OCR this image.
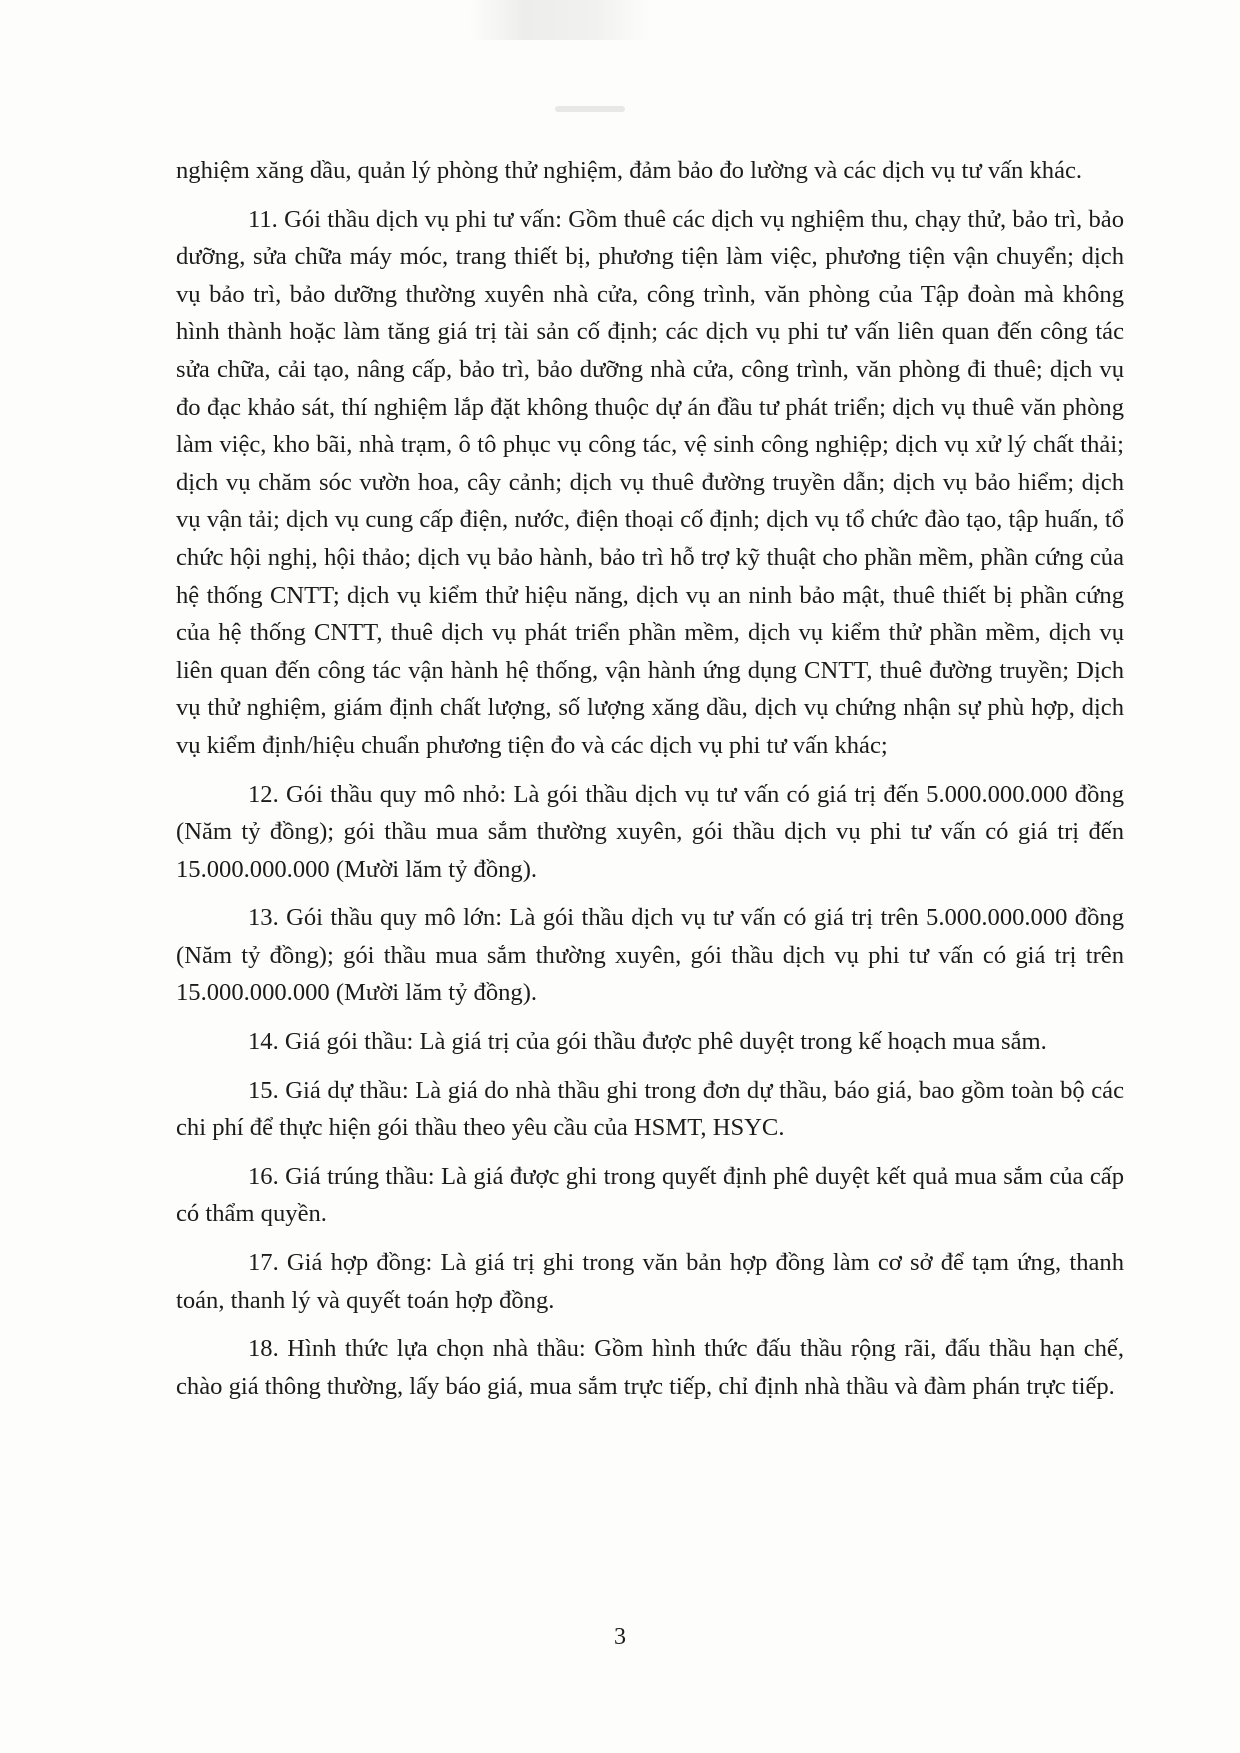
nghiệm xăng dầu, quản lý phòng thử nghiệm, đảm bảo đo lường và các dịch vụ tư vấn khác.

11. Gói thầu dịch vụ phi tư vấn: Gồm thuê các dịch vụ nghiệm thu, chạy thử, bảo trì, bảo dưỡng, sửa chữa máy móc, trang thiết bị, phương tiện làm việc, phương tiện vận chuyển; dịch vụ bảo trì, bảo dưỡng thường xuyên nhà cửa, công trình, văn phòng của Tập đoàn mà không hình thành hoặc làm tăng giá trị tài sản cố định; các dịch vụ phi tư vấn liên quan đến công tác sửa chữa, cải tạo, nâng cấp, bảo trì, bảo dưỡng nhà cửa, công trình, văn phòng đi thuê; dịch vụ đo đạc khảo sát, thí nghiệm lắp đặt không thuộc dự án đầu tư phát triển; dịch vụ thuê văn phòng làm việc, kho bãi, nhà trạm, ô tô phục vụ công tác, vệ sinh công nghiệp; dịch vụ xử lý chất thải; dịch vụ chăm sóc vườn hoa, cây cảnh; dịch vụ thuê đường truyền dẫn; dịch vụ bảo hiểm; dịch vụ vận tải; dịch vụ cung cấp điện, nước, điện thoại cố định; dịch vụ tổ chức đào tạo, tập huấn, tổ chức hội nghị, hội thảo; dịch vụ bảo hành, bảo trì hỗ trợ kỹ thuật cho phần mềm, phần cứng của hệ thống CNTT; dịch vụ kiểm thử hiệu năng, dịch vụ an ninh bảo mật, thuê thiết bị phần cứng của hệ thống CNTT, thuê dịch vụ phát triển phần mềm, dịch vụ kiểm thử phần mềm, dịch vụ liên quan đến công tác vận hành hệ thống, vận hành ứng dụng CNTT, thuê đường truyền; Dịch vụ thử nghiệm, giám định chất lượng, số lượng xăng dầu, dịch vụ chứng nhận sự phù hợp, dịch vụ kiểm định/hiệu chuẩn phương tiện đo và các dịch vụ phi tư vấn khác;

12. Gói thầu quy mô nhỏ: Là gói thầu dịch vụ tư vấn có giá trị đến 5.000.000.000 đồng (Năm tỷ đồng); gói thầu mua sắm thường xuyên, gói thầu dịch vụ phi tư vấn có giá trị đến 15.000.000.000 (Mười lăm tỷ đồng).

13. Gói thầu quy mô lớn: Là gói thầu dịch vụ tư vấn có giá trị trên 5.000.000.000 đồng (Năm tỷ đồng); gói thầu mua sắm thường xuyên, gói thầu dịch vụ phi tư vấn có giá trị trên 15.000.000.000 (Mười lăm tỷ đồng).

14. Giá gói thầu: Là giá trị của gói thầu được phê duyệt trong kế hoạch mua sắm.

15. Giá dự thầu: Là giá do nhà thầu ghi trong đơn dự thầu, báo giá, bao gồm toàn bộ các chi phí để thực hiện gói thầu theo yêu cầu của HSMT, HSYC.

16. Giá trúng thầu: Là giá được ghi trong quyết định phê duyệt kết quả mua sắm của cấp có thẩm quyền.

17. Giá hợp đồng: Là giá trị ghi trong văn bản hợp đồng làm cơ sở để tạm ứng, thanh toán, thanh lý và quyết toán hợp đồng.

18. Hình thức lựa chọn nhà thầu: Gồm hình thức đấu thầu rộng rãi, đấu thầu hạn chế, chào giá thông thường, lấy báo giá, mua sắm trực tiếp, chỉ định nhà thầu và đàm phán trực tiếp.

3
